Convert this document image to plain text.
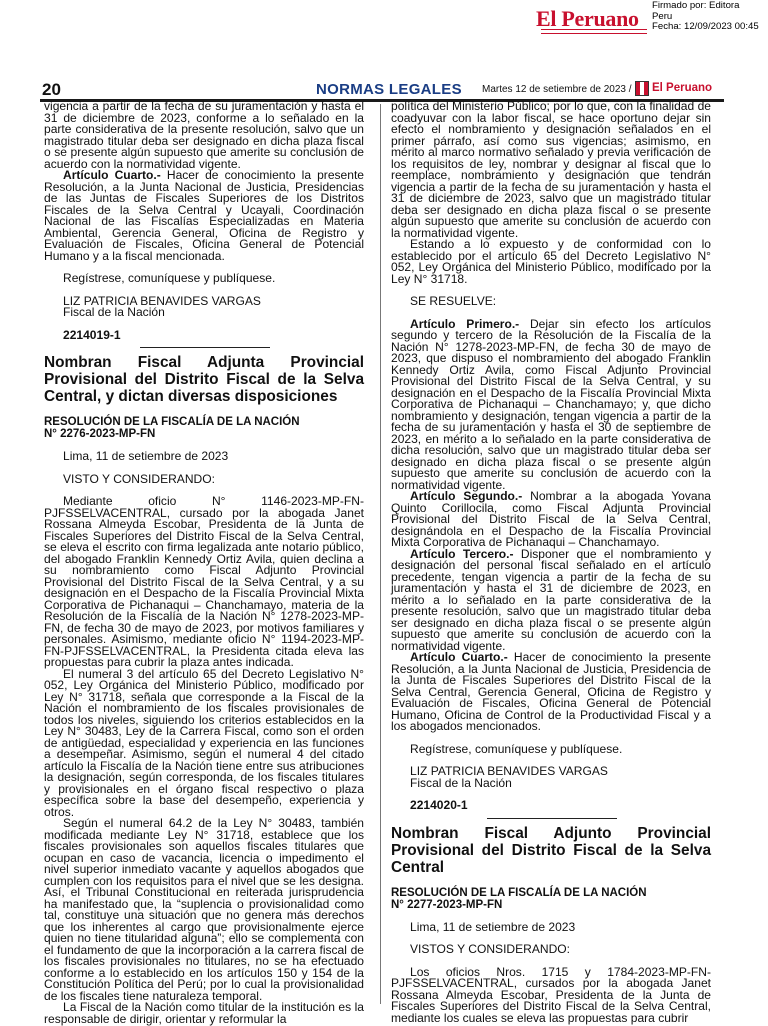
El Peruano
Firmado por: Editora
Peru
Fecha: 12/09/2023 00:45
20	NORMAS LEGALES Martes 12 de setiembre de 2023 / El Peruano

vigencia a partir de la fecha de su juramentación y hasta el 31 de diciembre de 2023, conforme a lo señalado en la parte considerativa de la presente resolución, salvo que un magistrado titular deba ser designado en dicha plaza fiscal o se presente algún supuesto que amerite su conclusión de acuerdo con la normatividad vigente.

Artículo Cuarto.- Hacer de conocimiento la presente Resolución, a la Junta Nacional de Justicia, Presidencias de las Juntas de Fiscales Superiores de los Distritos Fiscales de la Selva Central y Ucayali, Coordinación Nacional de las Fiscalías Especializadas en Materia Ambiental, Gerencia General, Oficina de Registro y Evaluación de Fiscales, Oficina General de Potencial Humano y a la fiscal mencionada.

Regístrese, comuníquese y publíquese.

LIZ PATRICIA BENAVIDES VARGAS

Fiscal de la Nación

2214019-1

Nombran Fiscal Adjunta Provincial Provisional del Distrito Fiscal de la Selva Central, y dictan diversas disposiciones

RESOLUCIÓN DE LA FISCALÍA DE LA NACIÓN

N° 2276-2023-MP-FN

Lima, 11 de setiembre de 2023

VISTO Y CONSIDERANDO:

Mediante oficio N° 1146-2023-MP-FN-PJFSSELVACENTRAL, cursado por la abogada Janet Rossana Almeyda Escobar, Presidenta de la Junta de Fiscales Superiores del Distrito Fiscal de la Selva Central, se eleva el escrito con firma legalizada ante notario público, del abogado Franklin Kennedy Ortiz Avila, quien declina a su nombramiento como Fiscal Adjunto Provincial Provisional del Distrito Fiscal de la Selva Central, y a su designación en el Despacho de la Fiscalía Provincial Mixta Corporativa de Pichanaqui – Chanchamayo, materia de la Resolución de la Fiscalía de la Nación N° 1278-2023-MP-FN, de fecha 30 de mayo de 2023, por motivos familiares y personales. Asimismo, mediante oficio N° 1194-2023-MP-FN-PJFSSELVACENTRAL, la Presidenta citada eleva las propuestas para cubrir la plaza antes indicada.

El numeral 3 del artículo 65 del Decreto Legislativo N° 052, Ley Orgánica del Ministerio Público, modificado por Ley N° 31718, señala que corresponde a la Fiscal de la Nación el nombramiento de los fiscales provisionales de todos los niveles, siguiendo los criterios establecidos en la Ley N° 30483, Ley de la Carrera Fiscal, como son el orden de antigüedad, especialidad y experiencia en las funciones a desempeñar. Asimismo, según el numeral 4 del citado artículo la Fiscalía de la Nación tiene entre sus atribuciones la designación, según corresponda, de los fiscales titulares y provisionales en el órgano fiscal respectivo o plaza específica sobre la base del desempeño, experiencia y otros.

Según el numeral 64.2 de la Ley N° 30483, también modificada mediante Ley N° 31718, establece que los fiscales provisionales son aquellos fiscales titulares que ocupan en caso de vacancia, licencia o impedimento el nivel superior inmediato vacante y aquellos abogados que cumplen con los requisitos para el nivel que se les designa. Así, el Tribunal Constitucional en reiterada jurisprudencia ha manifestado que, la “suplencia o provisionalidad como tal, constituye una situación que no genera más derechos que los inherentes al cargo que provisionalmente ejerce quien no tiene titularidad alguna”; ello se complementa con el fundamento de que la incorporación a la carrera fiscal de los fiscales provisionales no titulares, no se ha efectuado conforme a lo establecido en los artículos 150 y 154 de la Constitución Política del Perú; por lo cual la provisionalidad de los fiscales tiene naturaleza temporal.

La Fiscal de la Nación como titular de la institución es la responsable de dirigir, orientar y reformular la

política del Ministerio Público; por lo que, con la finalidad de coadyuvar con la labor fiscal, se hace oportuno dejar sin efecto el nombramiento y designación señalados en el primer párrafo, así como sus vigencias; asimismo, en mérito al marco normativo señalado y previa verificación de los requisitos de ley, nombrar y designar al fiscal que lo reemplace, nombramiento y designación que tendrán vigencia a partir de la fecha de su juramentación y hasta el 31 de diciembre de 2023, salvo que un magistrado titular deba ser designado en dicha plaza fiscal o se presente algún supuesto que amerite su conclusión de acuerdo con la normatividad vigente.

Estando a lo expuesto y de conformidad con lo establecido por el artículo 65 del Decreto Legislativo N° 052, Ley Orgánica del Ministerio Público, modificado por la Ley N° 31718.

SE RESUELVE:

Artículo Primero.- Dejar sin efecto los artículos segundo y tercero de la Resolución de la Fiscalía de la Nación N° 1278-2023-MP-FN, de fecha 30 de mayo de 2023, que dispuso el nombramiento del abogado Franklin Kennedy Ortiz Avila, como Fiscal Adjunto Provincial Provisional del Distrito Fiscal de la Selva Central, y su designación en el Despacho de la Fiscalía Provincial Mixta Corporativa de Pichanaqui – Chanchamayo; y, que dicho nombramiento y designación, tengan vigencia a partir de la fecha de su juramentación y hasta el 30 de septiembre de 2023, en mérito a lo señalado en la parte considerativa de dicha resolución, salvo que un magistrado titular deba ser designado en dicha plaza fiscal o se presente algún supuesto que amerite su conclusión de acuerdo con la normatividad vigente.

Artículo Segundo.- Nombrar a la abogada Yovana Quinto Corillocila, como Fiscal Adjunta Provincial Provisional del Distrito Fiscal de la Selva Central, designándola en el Despacho de la Fiscalía Provincial Mixta Corporativa de Pichanaqui – Chanchamayo.

Artículo Tercero.- Disponer que el nombramiento y designación del personal fiscal señalado en el artículo precedente, tengan vigencia a partir de la fecha de su juramentación y hasta el 31 de diciembre de 2023, en mérito a lo señalado en la parte considerativa de la presente resolución, salvo que un magistrado titular deba ser designado en dicha plaza fiscal o se presente algún supuesto que amerite su conclusión de acuerdo con la normatividad vigente.

Artículo Cuarto.- Hacer de conocimiento la presente Resolución, a la Junta Nacional de Justicia, Presidencia de la Junta de Fiscales Superiores del Distrito Fiscal de la Selva Central, Gerencia General, Oficina de Registro y Evaluación de Fiscales, Oficina General de Potencial Humano, Oficina de Control de la Productividad Fiscal y a los abogados mencionados.

Regístrese, comuníquese y publíquese.

LIZ PATRICIA BENAVIDES VARGAS

Fiscal de la Nación

2214020-1

Nombran Fiscal Adjunto Provincial Provisional del Distrito Fiscal de la Selva Central

RESOLUCIÓN DE LA FISCALÍA DE LA NACIÓN

N° 2277-2023-MP-FN

Lima, 11 de setiembre de 2023

VISTOS Y CONSIDERANDO:

Los oficios Nros. 1715 y 1784-2023-MP-FN-PJFSSELVACENTRAL, cursados por la abogada Janet Rossana Almeyda Escobar, Presidenta de la Junta de Fiscales Superiores del Distrito Fiscal de la Selva Central, mediante los cuales se eleva las propuestas para cubrir
